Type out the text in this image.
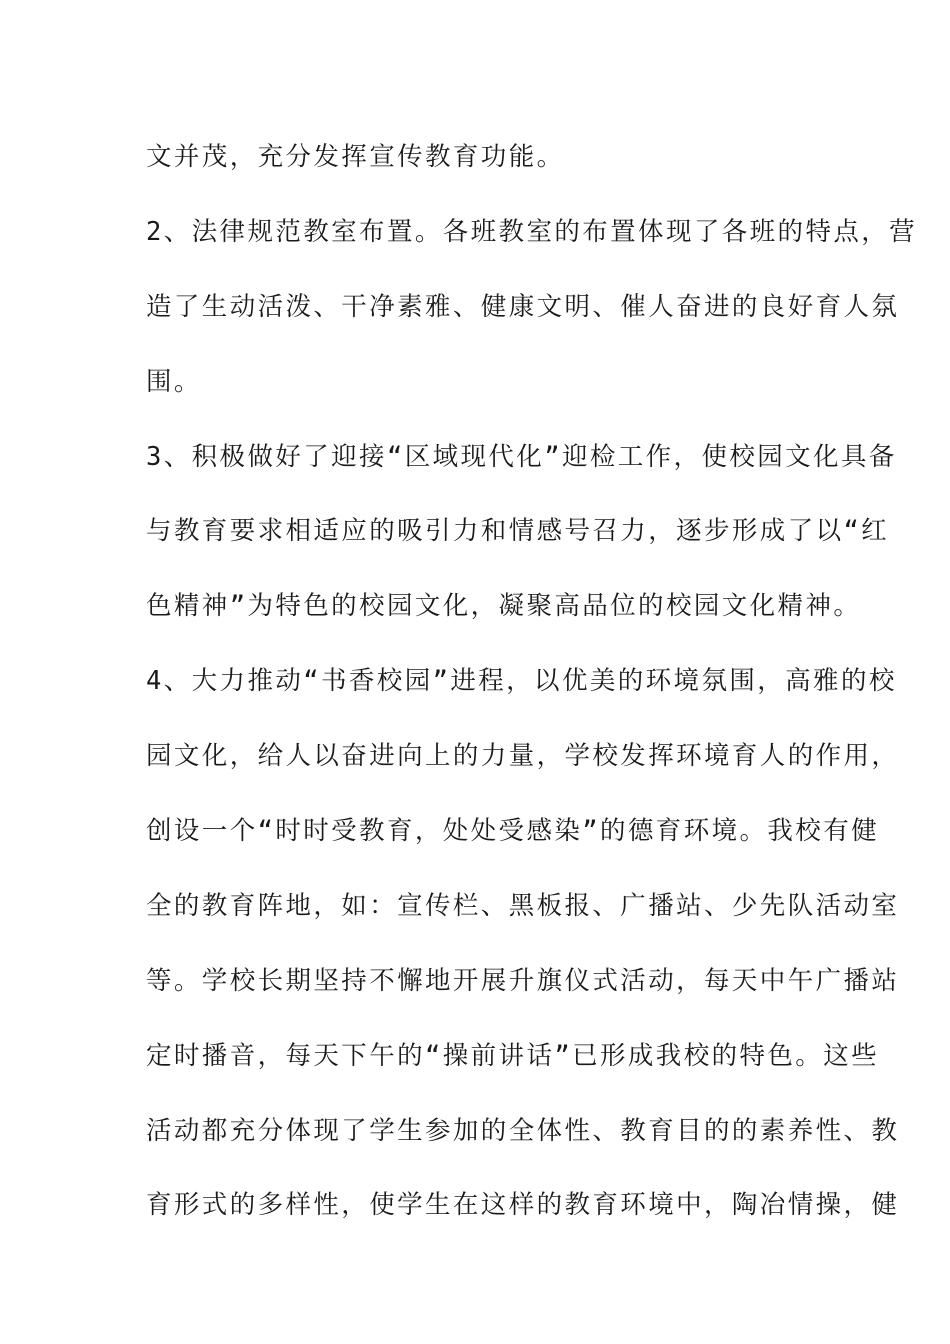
文并茂，充分发挥宣传教育功能。
2、法律规范教室布置。各班教室的布置体现了各班的特点，营
造了生动活泼、干净素雅、健康文明、催人奋进的良好育人氛
围。
3、积极做好了迎接“区域现代化”迎检工作，使校园文化具备
与教育要求相适应的吸引力和情感号召力，逐步形成了以“红
色精神”为特色的校园文化，凝聚高品位的校园文化精神。
4、大力推动“书香校园”进程，以优美的环境氛围，高雅的校
园文化，给人以奋进向上的力量，学校发挥环境育人的作用，
创设一个“时时受教育，处处受感染”的德育环境。我校有健
全的教育阵地，如：宣传栏、黑板报、广播站、少先队活动室
等。学校长期坚持不懈地开展升旗仪式活动，每天中午广播站
定时播音，每天下午的“操前讲话”已形成我校的特色。这些
活动都充分体现了学生参加的全体性、教育目的的素养性、教
育形式的多样性，使学生在这样的教育环境中，陶冶情操，健
